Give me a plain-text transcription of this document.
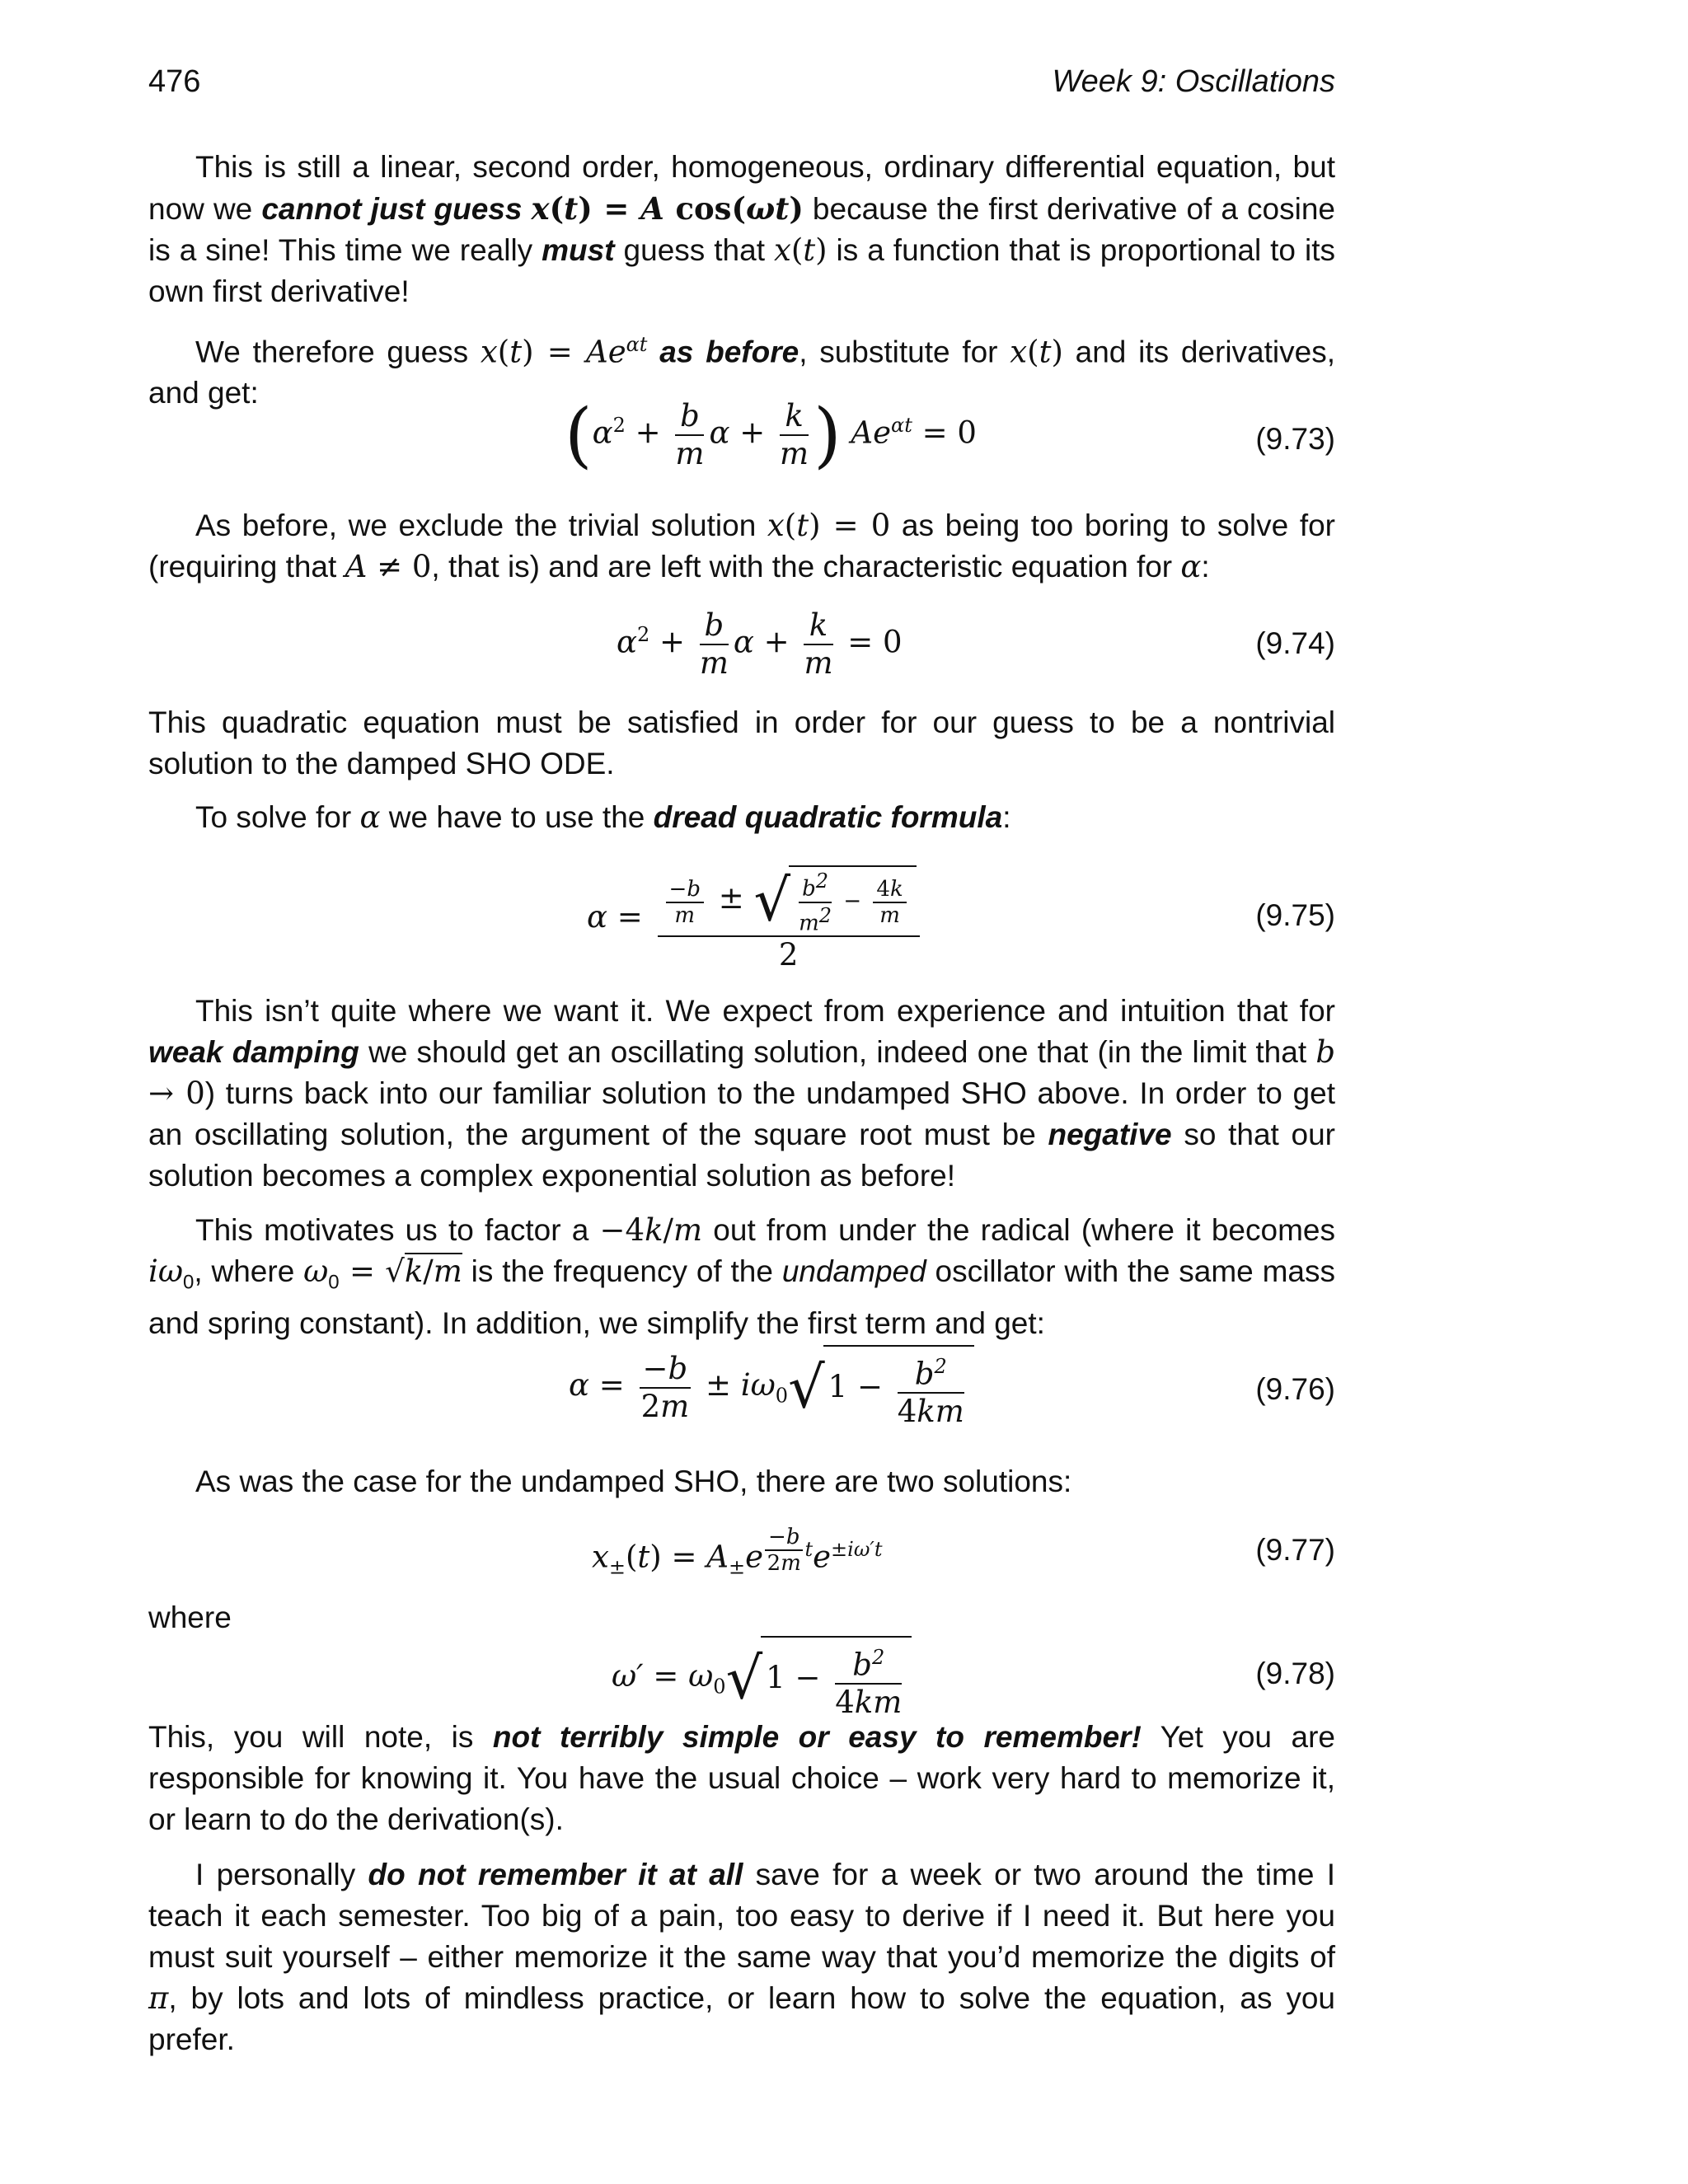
476	Week 9: Oscillations
This is still a linear, second order, homogeneous, ordinary differential equation, but now we cannot just guess x(t) = A cos(ωt) because the first derivative of a cosine is a sine! This time we really must guess that x(t) is a function that is proportional to its own first derivative!
We therefore guess $x(t) = Ae^{\alpha t}$ as before, substitute for x(t) and its derivatives, and get:
($\alpha^2 + \frac{b}{m}$ $\alpha + \frac{k}{m}$ ) $Ae^{\alpha t} = 0$	(9.73)
As before, we exclude the trivial solution x(t) = 0 as being too boring to solve for (requiring that A ≠ 0, that is) and are left with the characteristic equation for α:
$\alpha^2 + \frac{b}{m}$ $\alpha + \frac{k}{m} = 0$	(9.74)
This quadratic equation must be satisfied in order for our guess to be a nontrivial solution to the damped SHO ODE.
To solve for α we have to use the dread quadratic formula:
$\alpha = \frac{\frac{-b}{m} \pm √ \frac{b^2}{m^2} - \frac{4k}{m}}{2}$	(9.75)
This isn’t quite where we want it. We expect from experience and intuition that for weak damping we should get an oscillating solution, indeed one that (in the limit that b → 0) turns back into our familiar solution to the undamped SHO above. In order to get an oscillating solution, the argument of the square root must be negative so that our solution becomes a complex exponential solution as before!
This motivates us to factor a −4k/m out from under the radical (where it becomes $i\omega_0$, where $\omega_0 = √k/m$ is the frequency of the undamped oscillator with the same mass and spring constant). In addition, we simplify the first term and get:
$\alpha = \frac{-b}{2m} \pm i\omega_0√$ $1 - \frac{b^2}{4km}$	(9.76)
As was the case for the undamped SHO, there are two solutions:
$x_\pm(t) = A_\pm e$ $^{\frac{-b}{2m} t}e^{\pm i\omega't}$	(9.77)
where
$\omega' = \omega_0√$ $1 - \frac{b^2}{4km}$	(9.78)
This, you will note, is not terribly simple or easy to remember! Yet you are responsible for knowing it. You have the usual choice – work very hard to memorize it, or learn to do the derivation(s).
I personally do not remember it at all save for a week or two around the time I teach it each semester. Too big of a pain, too easy to derive if I need it. But here you must suit yourself – either memorize it the same way that you’d memorize the digits of π, by lots and lots of mindless practice, or learn how to solve the equation, as you prefer.
